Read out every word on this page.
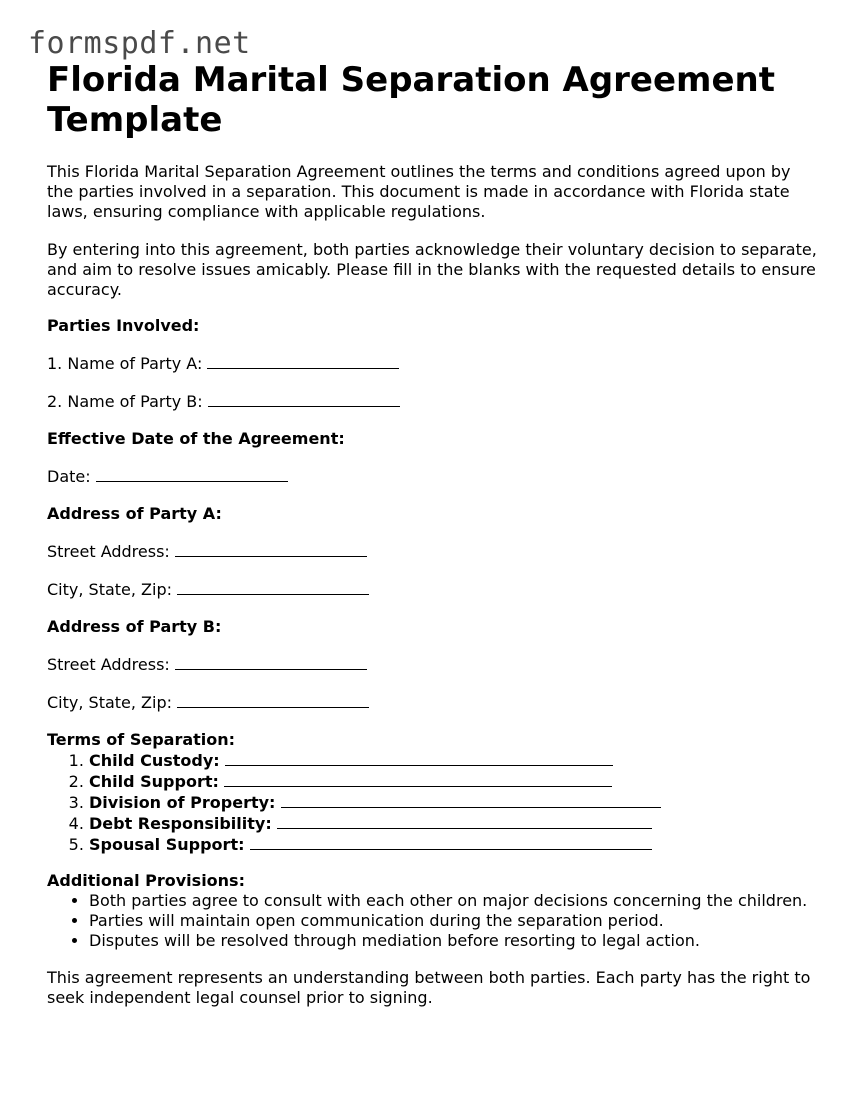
formspdf.net
Florida Marital Separation Agreement Template

This Florida Marital Separation Agreement outlines the terms and conditions agreed upon by the parties involved in a separation. This document is made in accordance with Florida state laws, ensuring compliance with applicable regulations.

By entering into this agreement, both parties acknowledge their voluntary decision to separate, and aim to resolve issues amicably. Please fill in the blanks with the requested details to ensure accuracy.

Parties Involved:
1. Name of Party A:
2. Name of Party B:
Effective Date of the Agreement:
Date:
Address of Party A:
Street Address:
City, State, Zip:
Address of Party B:
Street Address:
City, State, Zip:
Terms of Separation:
1. Child Custody:
2. Child Support:
3. Division of Property:
4. Debt Responsibility:
5. Spousal Support:
Additional Provisions:
• Both parties agree to consult with each other on major decisions concerning the children.
• Parties will maintain open communication during the separation period.
• Disputes will be resolved through mediation before resorting to legal action.

This agreement represents an understanding between both parties. Each party has the right to seek independent legal counsel prior to signing.
